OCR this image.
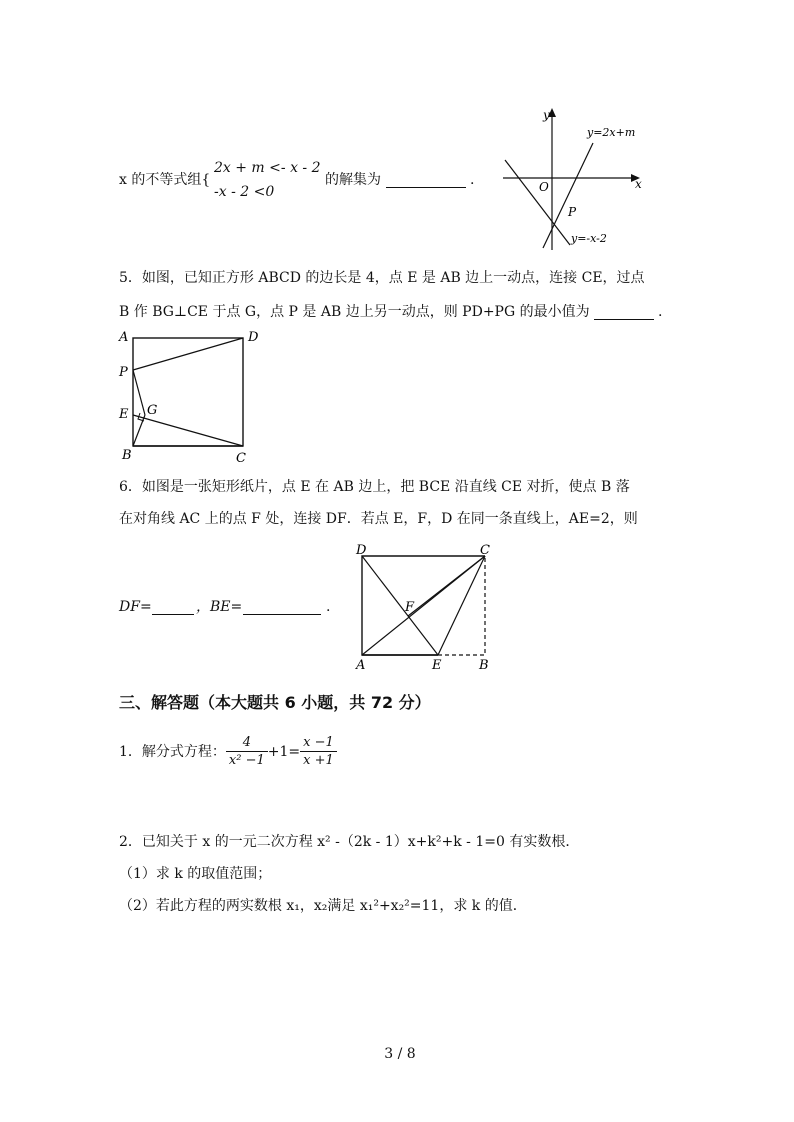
x 的不等式组{
2x + m <- x - 2
-x - 2 <0
的解集为	.
y
x
O
P
y=2x+m
y=-x-2
5．如图，已知正方形 ABCD 的边长是 4，点 E 是 AB 边上一动点，连接 CE，过点
B 作 BG⊥CE 于点 G，点 P 是 AB 边上另一动点，则 PD+PG 的最小值为	.
A	D
P
E G
B	C
6．如图是一张矩形纸片，点 E 在 AB 边上，把 BCE 沿直线 CE 对折，使点 B 落
在对角线 AC 上的点 F 处，连接 DF．若点 E，F，D 在同一条直线上，AE=2，则
DF=	，BE=	.
D	C
F
A	E	B
三、解答题（本大题共 6 小题，共 72 分）
1．解分式方程： $\frac{4}{\text{x² −1}} +1= \frac{x -1}{x +1}$
2．已知关于 x 的一元二次方程 x² -（2k - 1）x+k²+k - 1=0 有实数根．
（1）求 k 的取值范围；
（2）若此方程的两实数根 x₁，x₂满足 x₁²+x₂²=11，求 k 的值．
3 / 8
